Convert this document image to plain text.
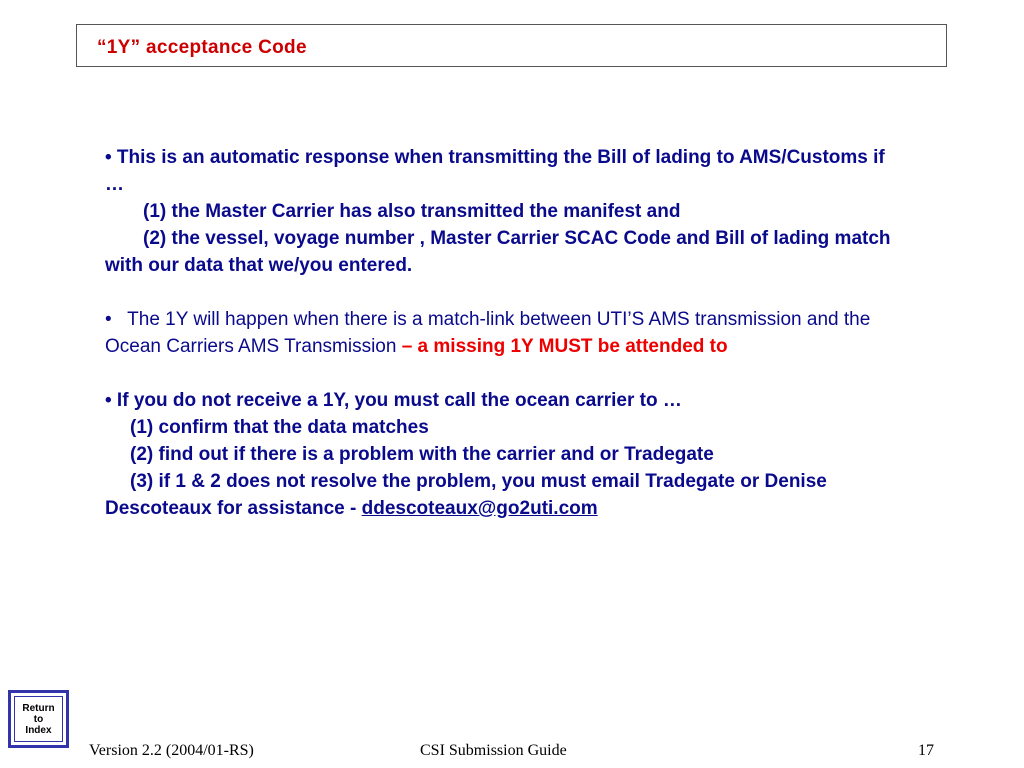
“1Y” acceptance Code

• This is an automatic response when transmitting the Bill of lading to AMS/Customs if …

(1) the Master Carrier has also transmitted the manifest and

(2) the vessel, voyage number , Master Carrier SCAC Code and Bill of lading match with our data that we/you entered.

•   The 1Y will happen when there is a match-link between UTI’S AMS transmission and the Ocean Carriers AMS Transmission – a missing 1Y MUST be attended to

• If you do not receive a 1Y, you must call the ocean carrier to …

(1) confirm that the data matches

(2) find out if there is a problem with the carrier and or Tradegate

(3) if 1 & 2 does not resolve the problem, you must email Tradegate or Denise Descoteaux for assistance - ddescoteaux@go2uti.com

Return
to
Index
Version 2.2 (2004/01-RS)	CSI Submission Guide	17
